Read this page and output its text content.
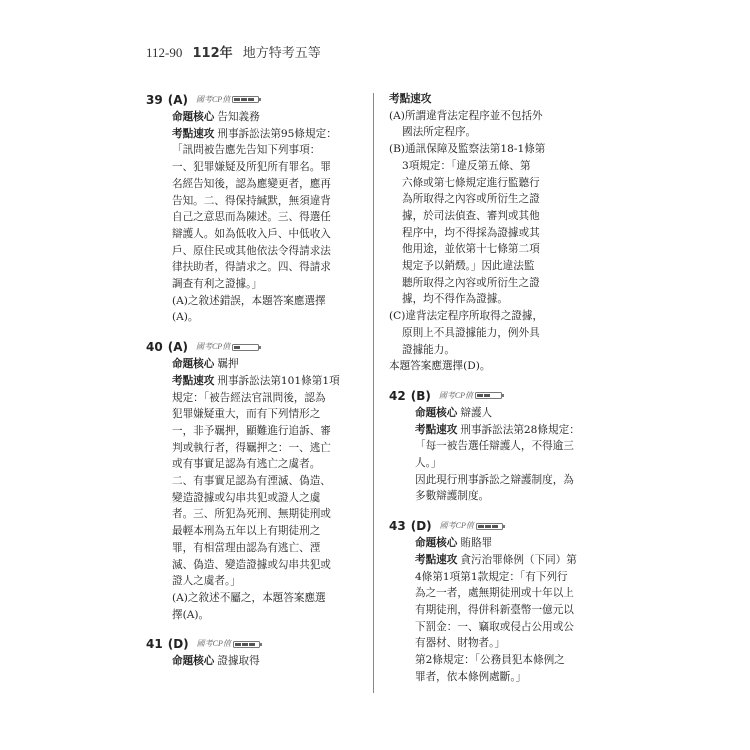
112-90 112年 地方特考五等
39 (A) 國考CP值
命題核心 告知義務
考點速攻 刑事訴訟法第95條規定：
「訊問被告應先告知下列事項：
一、犯罪嫌疑及所犯所有罪名。罪
名經告知後，認為應變更者，應再
告知。二、得保持緘默，無須違背
自己之意思而為陳述。三、得選任
辯護人。如為低收入戶、中低收入
戶、原住民或其他依法令得請求法
律扶助者，得請求之。四、得請求
調查有利之證據。」
(A)之敘述錯誤，本題答案應選擇
(A)。
40 (A) 國考CP值
命題核心 羈押
考點速攻 刑事訴訟法第101條第1項
規定：「被告經法官訊問後，認為
犯罪嫌疑重大，而有下列情形之
一，非予羈押，顯難進行追訴、審
判或執行者，得羈押之：一、逃亡
或有事實足認為有逃亡之虞者。
二、有事實足認為有湮滅、偽造、
變造證據或勾串共犯或證人之虞
者。三、所犯為死刑、無期徒刑或
最輕本刑為五年以上有期徒刑之
罪，有相當理由認為有逃亡、湮
滅、偽造、變造證據或勾串共犯或
證人之虞者。」
(A)之敘述不屬之，本題答案應選
擇(A)。
41 (D) 國考CP值
命題核心 證據取得
考點速攻
(A)所謂違背法定程序並不包括外
國法所定程序。
(B)通訊保障及監察法第18-1條第
3項規定：「違反第五條、第
六條或第七條規定進行監聽行
為所取得之內容或所衍生之證
據，於司法偵查、審判或其他
程序中，均不得採為證據或其
他用途，並依第十七條第二項
規定予以銷燬。」因此違法監
聽所取得之內容或所衍生之證
據，均不得作為證據。
(C)違背法定程序所取得之證據，
原則上不具證據能力，例外具
證據能力。
本題答案應選擇(D)。
42 (B) 國考CP值
命題核心 辯護人
考點速攻 刑事訴訟法第28條規定：
「每一被告選任辯護人，不得逾三
人。」
因此現行刑事訴訟之辯護制度，為
多數辯護制度。
43 (D) 國考CP值
命題核心 賄賂罪
考點速攻 貪污治罪條例（下同）第
4條第1項第1款規定：「有下列行
為之一者，處無期徒刑或十年以上
有期徒刑，得併科新臺幣一億元以
下罰金：一、竊取或侵占公用或公
有器材、財物者。」
第2條規定：「公務員犯本條例之
罪者，依本條例處斷。」
